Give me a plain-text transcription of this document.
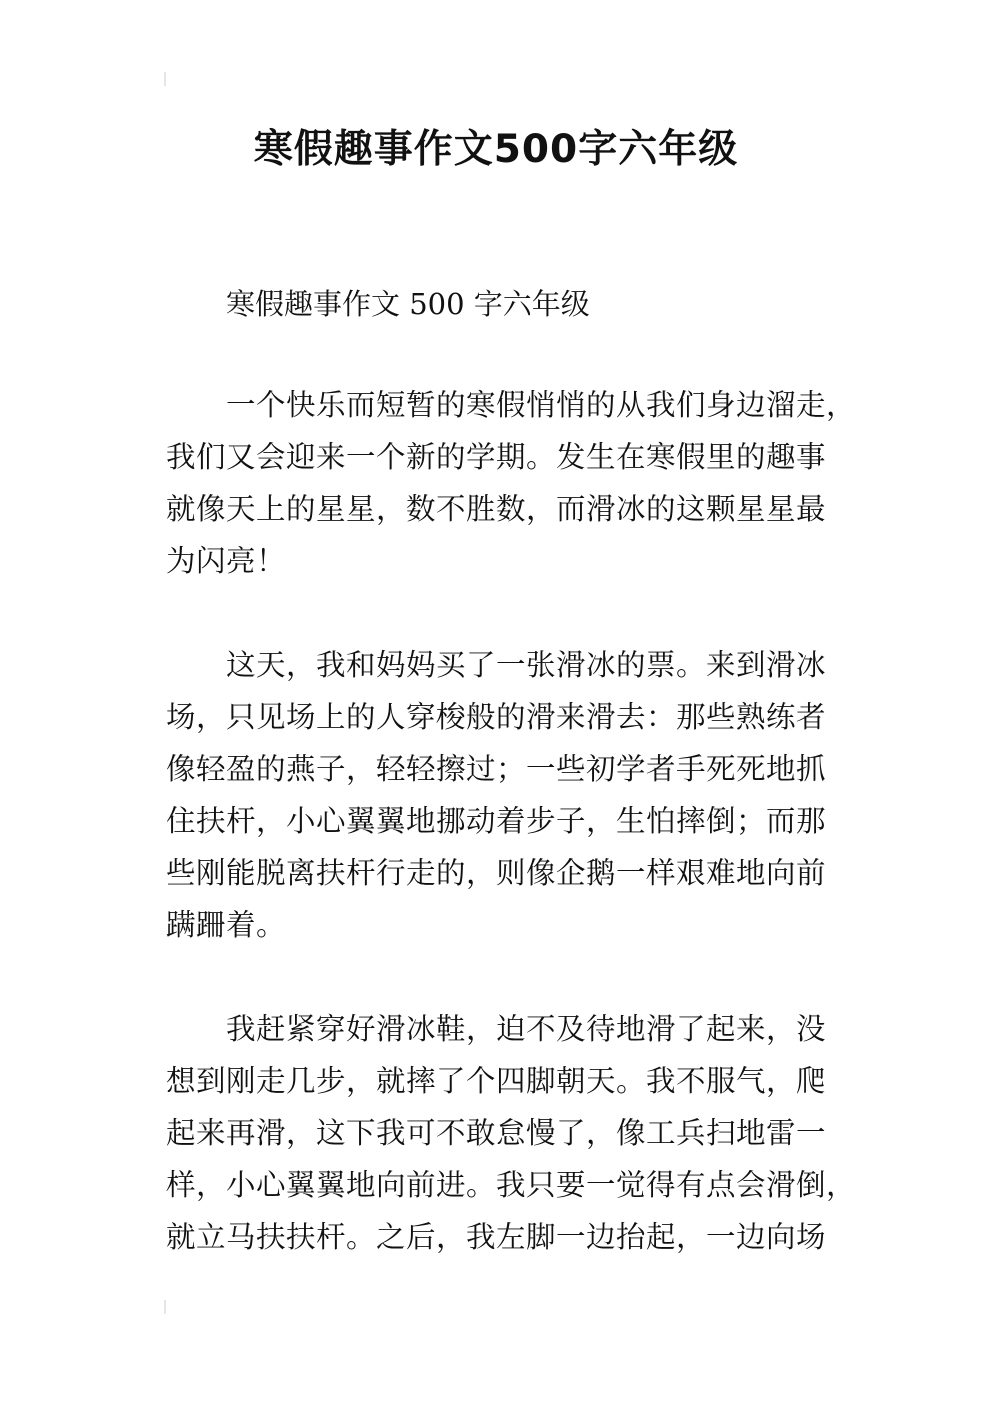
寒假趣事作文500字六年级
寒假趣事作文 500 字六年级
一个快乐而短暂的寒假悄悄的从我们身边溜走，
我们又会迎来一个新的学期。发生在寒假里的趣事
就像天上的星星，数不胜数，而滑冰的这颗星星最
为闪亮！
这天，我和妈妈买了一张滑冰的票。来到滑冰
场，只见场上的人穿梭般的滑来滑去：那些熟练者
像轻盈的燕子，轻轻擦过；一些初学者手死死地抓
住扶杆，小心翼翼地挪动着步子，生怕摔倒；而那
些刚能脱离扶杆行走的，则像企鹅一样艰难地向前
蹒跚着。
我赶紧穿好滑冰鞋，迫不及待地滑了起来，没
想到刚走几步，就摔了个四脚朝天。我不服气，爬
起来再滑，这下我可不敢怠慢了，像工兵扫地雷一
样，小心翼翼地向前进。我只要一觉得有点会滑倒，
就立马扶扶杆。之后，我左脚一边抬起，一边向场
